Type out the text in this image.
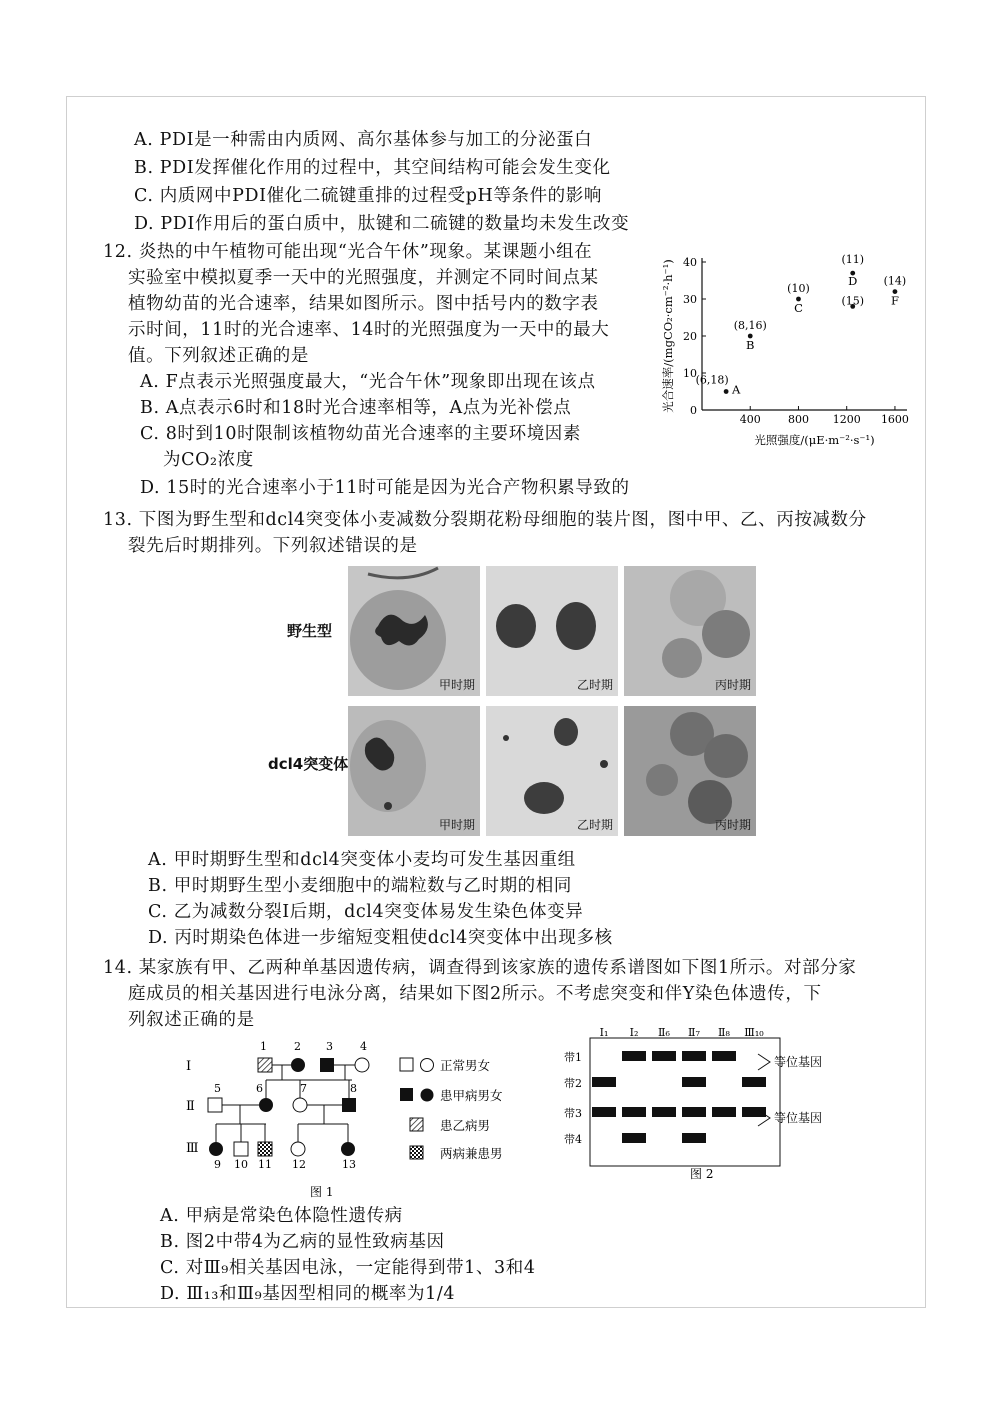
A. PDI是一种需由内质网、高尔基体参与加工的分泌蛋白
B. PDI发挥催化作用的过程中，其空间结构可能会发生变化
C. 内质网中PDI催化二硫键重排的过程受pH等条件的影响
D. PDI作用后的蛋白质中，肽键和二硫键的数量均未发生改变
12. 炎热的中午植物可能出现“光合午休”现象。某课题小组在
实验室中模拟夏季一天中的光照强度，并测定不同时间点某
植物幼苗的光合速率，结果如图所示。图中括号内的数字表
示时间，11时的光合速率、14时的光照强度为一天中的最大
值。下列叙述正确的是
A. F点表示光照强度最大，“光合午休”现象即出现在该点
B. A点表示6时和18时光合速率相等，A点为光补偿点
C. 8时到10时限制该植物幼苗光合速率的主要环境因素
为CO₂浓度
D. 15时的光合速率小于11时可能是因为光合产物积累导致的
0
10
20
30
40
400 800 1200 1600
光照强度/(μE·m⁻²·s⁻¹)
光合速率/(mgCO₂·cm⁻²·h⁻¹)	A
(6,18)
B
(8,16)
C
(10)
D
(11)
(15) F
(14)
13. 下图为野生型和dcl4突变体小麦减数分裂期花粉母细胞的装片图，图中甲、乙、丙按减数分
裂先后时期排列。下列叙述错误的是
野生型
dcl4突变体
甲时期	乙时期	丙时期
甲时期	乙时期	丙时期
A. 甲时期野生型和dcl4突变体小麦均可发生基因重组
B. 甲时期野生型小麦细胞中的端粒数与乙时期的相同
C. 乙为减数分裂Ⅰ后期，dcl4突变体易发生染色体变异
D. 丙时期染色体进一步缩短变粗使dcl4突变体中出现多核
14. 某家族有甲、乙两种单基因遗传病，调查得到该家族的遗传系谱图如下图1所示。对部分家
庭成员的相关基因进行电泳分离，结果如下图2所示。不考虑突变和伴Y染色体遗传，下
列叙述正确的是
Ⅰ
Ⅱ
Ⅲ
1 2 3 4
5	6	7	8
9 10 11 12	13
正常男女
患甲病男女
患乙病男
两病兼患男
图 1
Ⅰ₁ Ⅰ₂ Ⅱ₆ Ⅱ₇ Ⅱ₈ Ⅲ₁₀
带1
带2
带3
带4
等位基因
等位基因
图 2
A. 甲病是常染色体隐性遗传病
B. 图2中带4为乙病的显性致病基因
C. 对Ⅲ₉相关基因电泳，一定能得到带1、3和4
D. Ⅲ₁₃和Ⅲ₉基因型相同的概率为1/4
